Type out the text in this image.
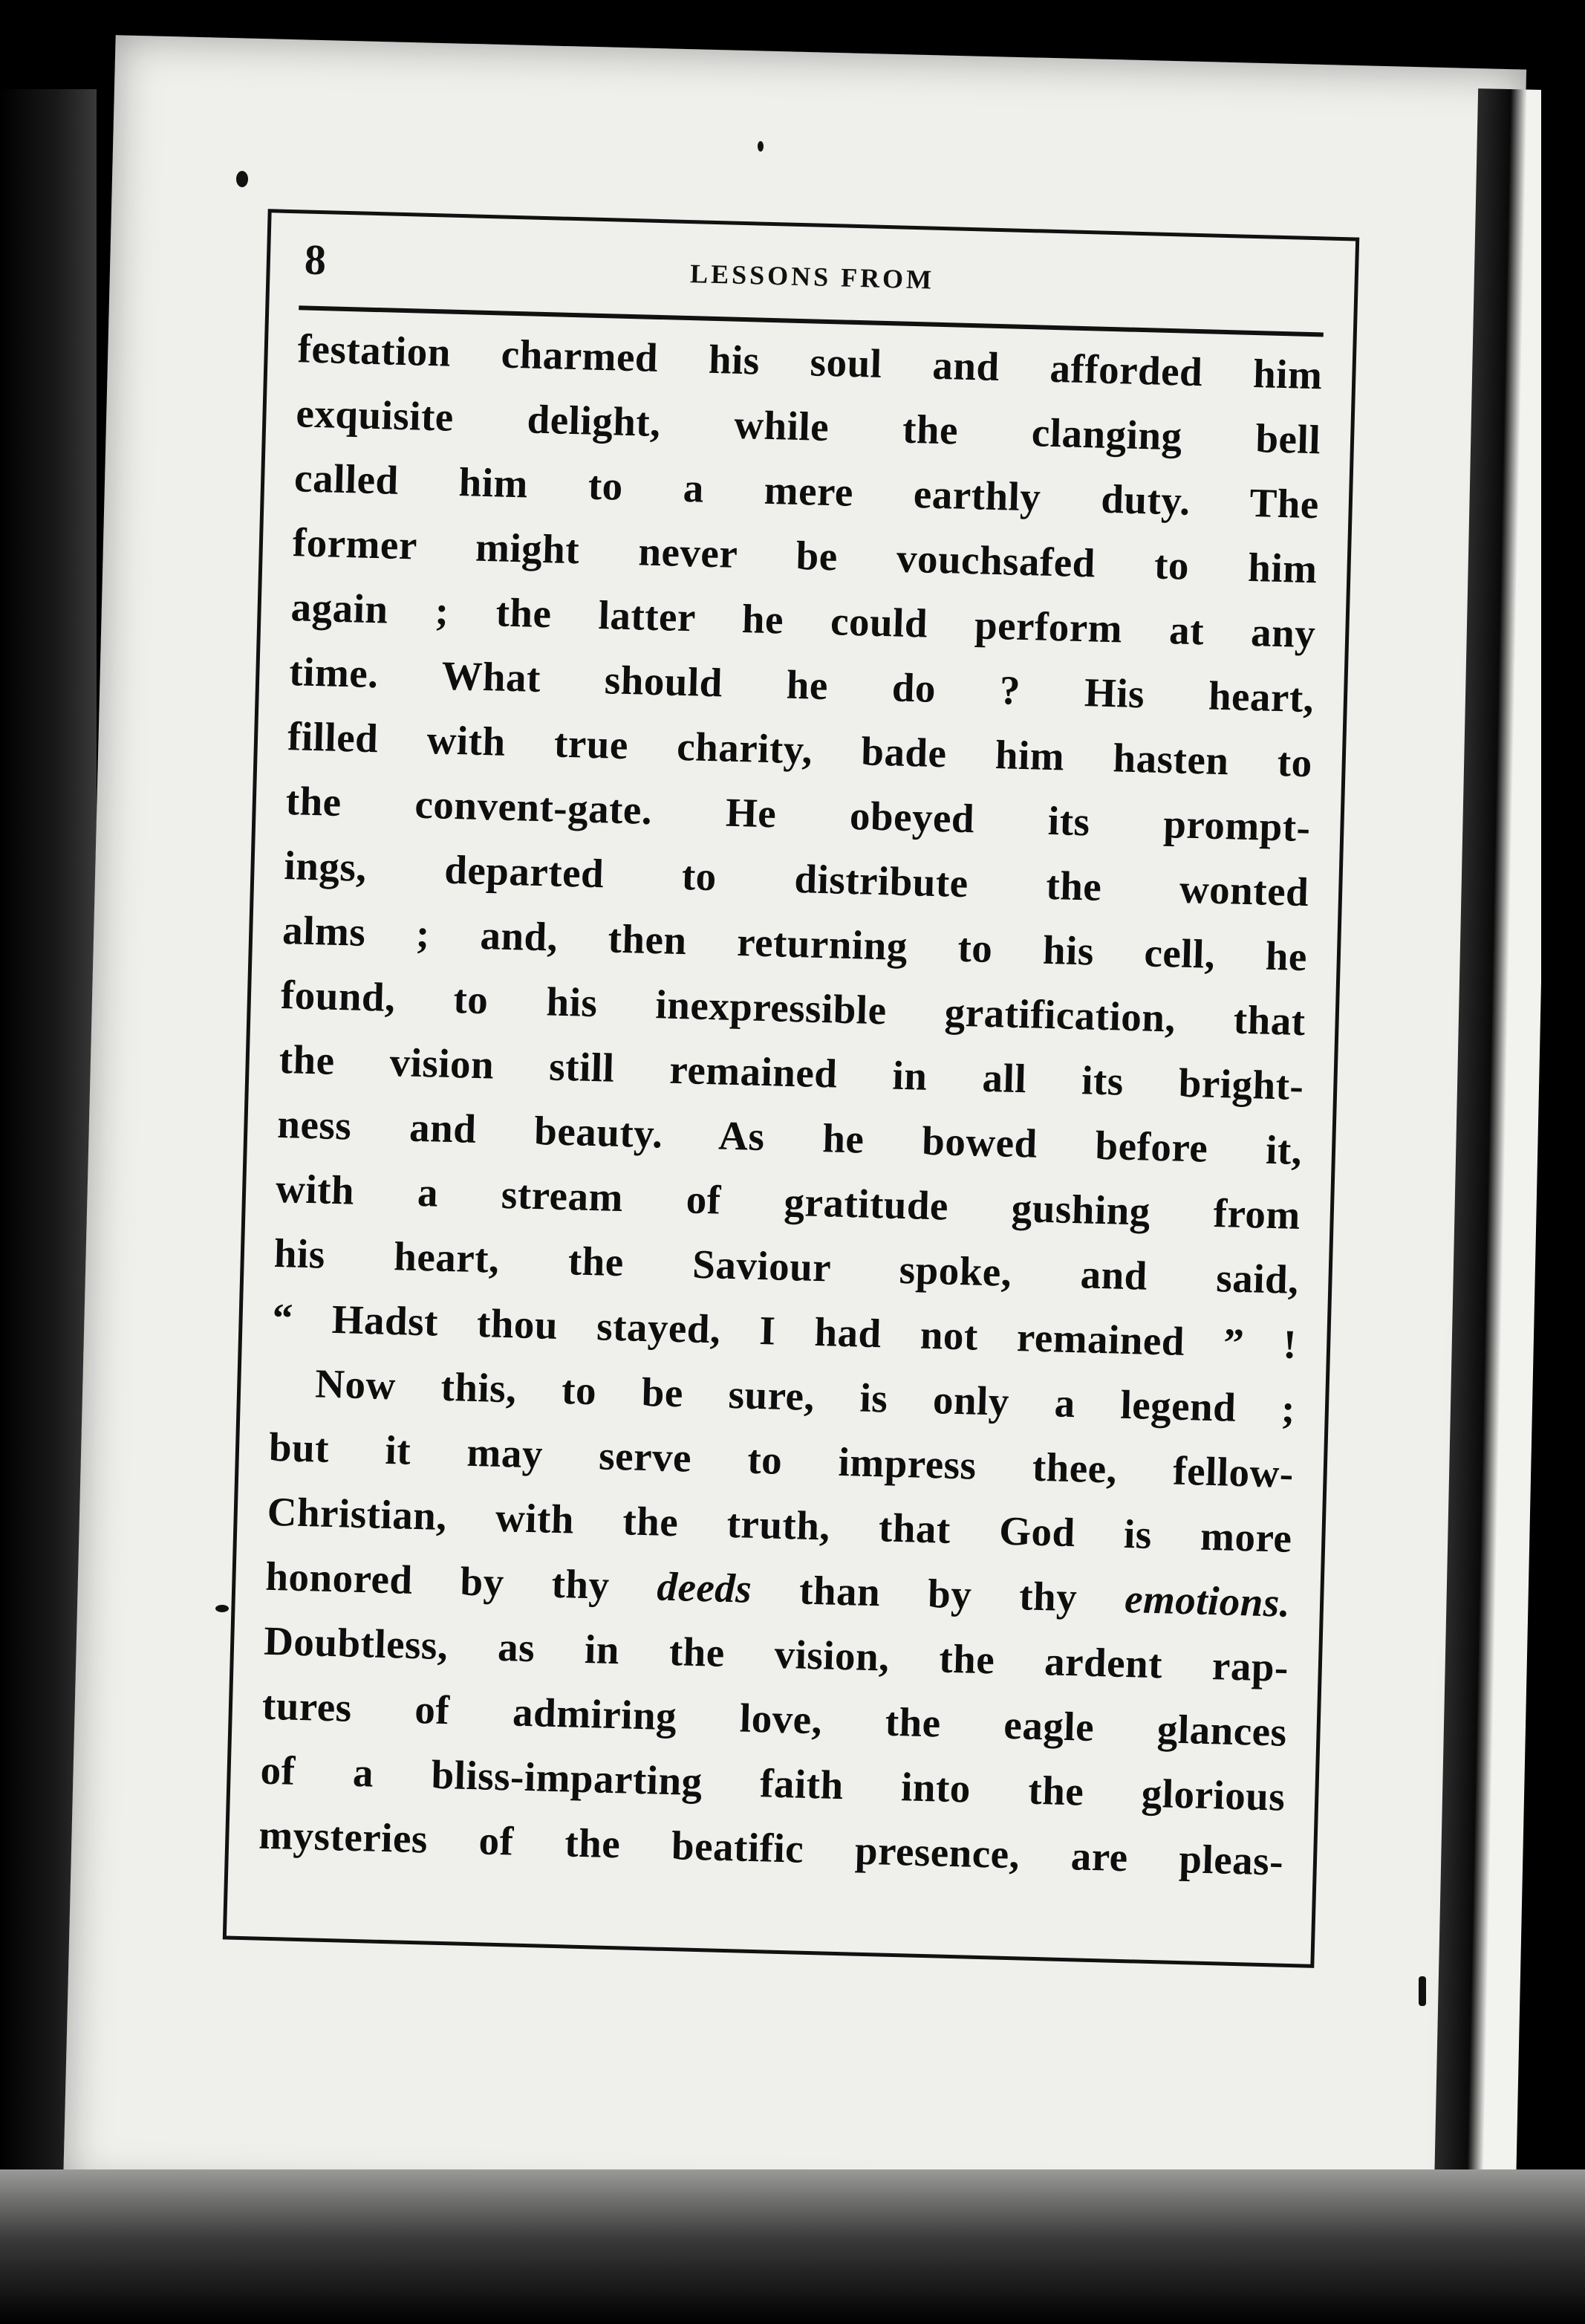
8	LESSONS FROM
festation charmed his soul and afforded him
exquisite delight, while the clanging bell
called him to a mere earthly duty. The
former might never be vouchsafed to him
again ; the latter he could perform at any
time. What should he do ? His heart,
filled with true charity, bade him hasten to
the convent-gate. He obeyed its prompt-
ings, departed to distribute the wonted
alms ; and, then returning to his cell, he
found, to his inexpressible gratification, that
the vision still remained in all its bright-
ness and beauty. As he bowed before it,
with a stream of gratitude gushing from
his heart, the Saviour spoke, and said,
“ Hadst thou stayed, I had not remained ” !
Now this, to be sure, is only a legend ;
but it may serve to impress thee, fellow-
Christian, with the truth, that God is more
honored by thy deeds than by thy emotions.
Doubtless, as in the vision, the ardent rap-
tures of admiring love, the eagle glances
of a bliss-imparting faith into the glorious
mysteries of the beatific presence, are pleas-
